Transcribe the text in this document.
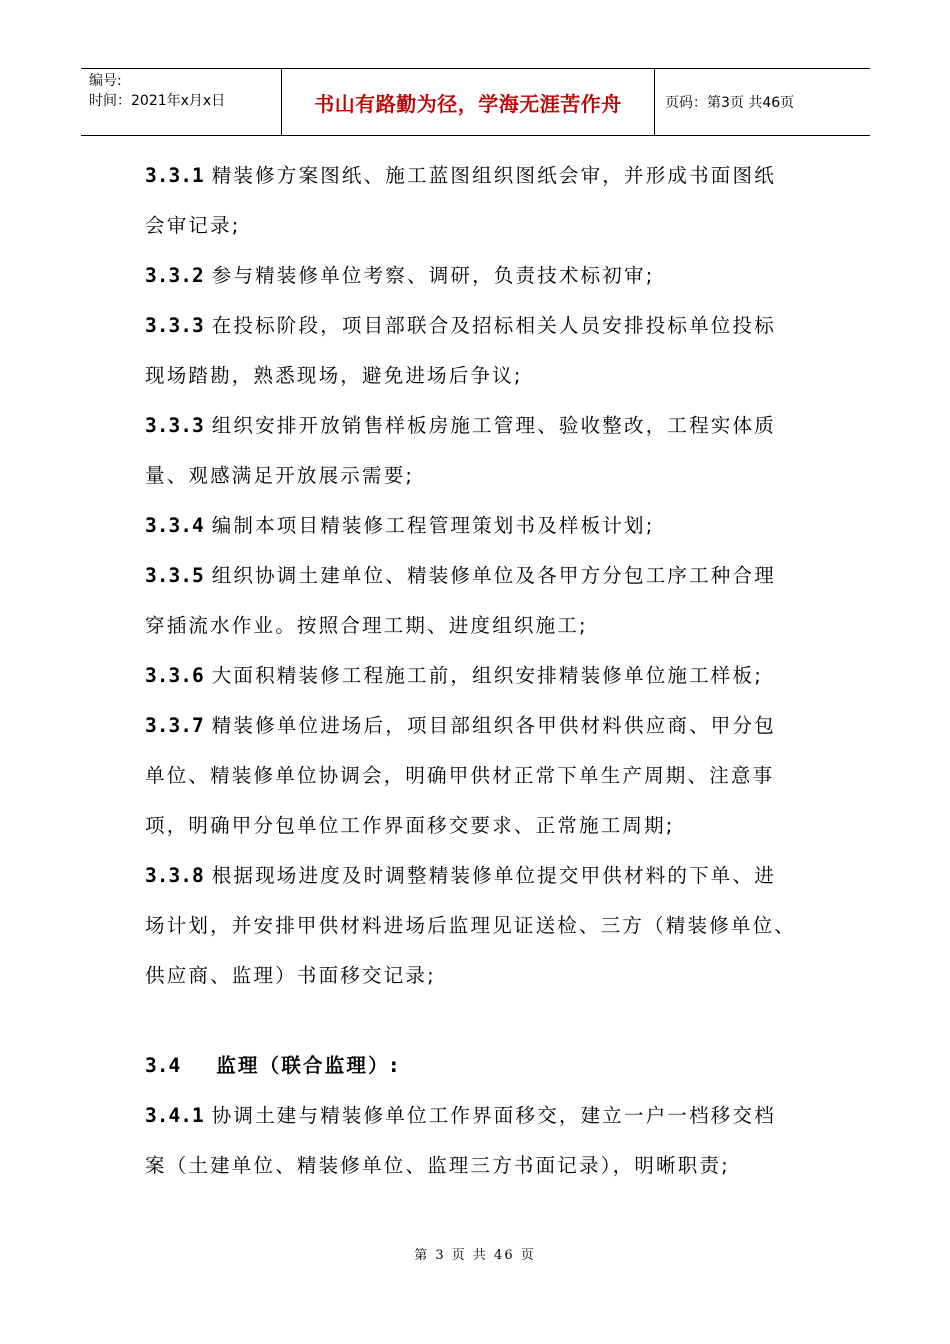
编号:
时间：2021年x月x日	书山有路勤为径，学海无涯苦作舟	页码：第3页 共46页
3.3.1 精装修方案图纸、施工蓝图组织图纸会审，并形成书面图纸
会审记录;
3.3.2 参与精装修单位考察、调研，负责技术标初审;
3.3.3 在投标阶段，项目部联合及招标相关人员安排投标单位投标
现场踏勘，熟悉现场，避免进场后争议;
3.3.3 组织安排开放销售样板房施工管理、验收整改，工程实体质
量、观感满足开放展示需要;
3.3.4 编制本项目精装修工程管理策划书及样板计划;
3.3.5 组织协调土建单位、精装修单位及各甲方分包工序工种合理
穿插流水作业。按照合理工期、进度组织施工;
3.3.6 大面积精装修工程施工前，组织安排精装修单位施工样板;
3.3.7 精装修单位进场后，项目部组织各甲供材料供应商、甲分包
单位、精装修单位协调会，明确甲供材正常下单生产周期、注意事
项，明确甲分包单位工作界面移交要求、正常施工周期;
3.3.8 根据现场进度及时调整精装修单位提交甲供材料的下单、进
场计划，并安排甲供材料进场后监理见证送检、三方（精装修单位、
供应商、监理）书面移交记录;
3.4 监理（联合监理）:
3.4.1 协调土建与精装修单位工作界面移交，建立一户一档移交档
案（土建单位、精装修单位、监理三方书面记录），明晰职责;
第 3 页 共 46 页
